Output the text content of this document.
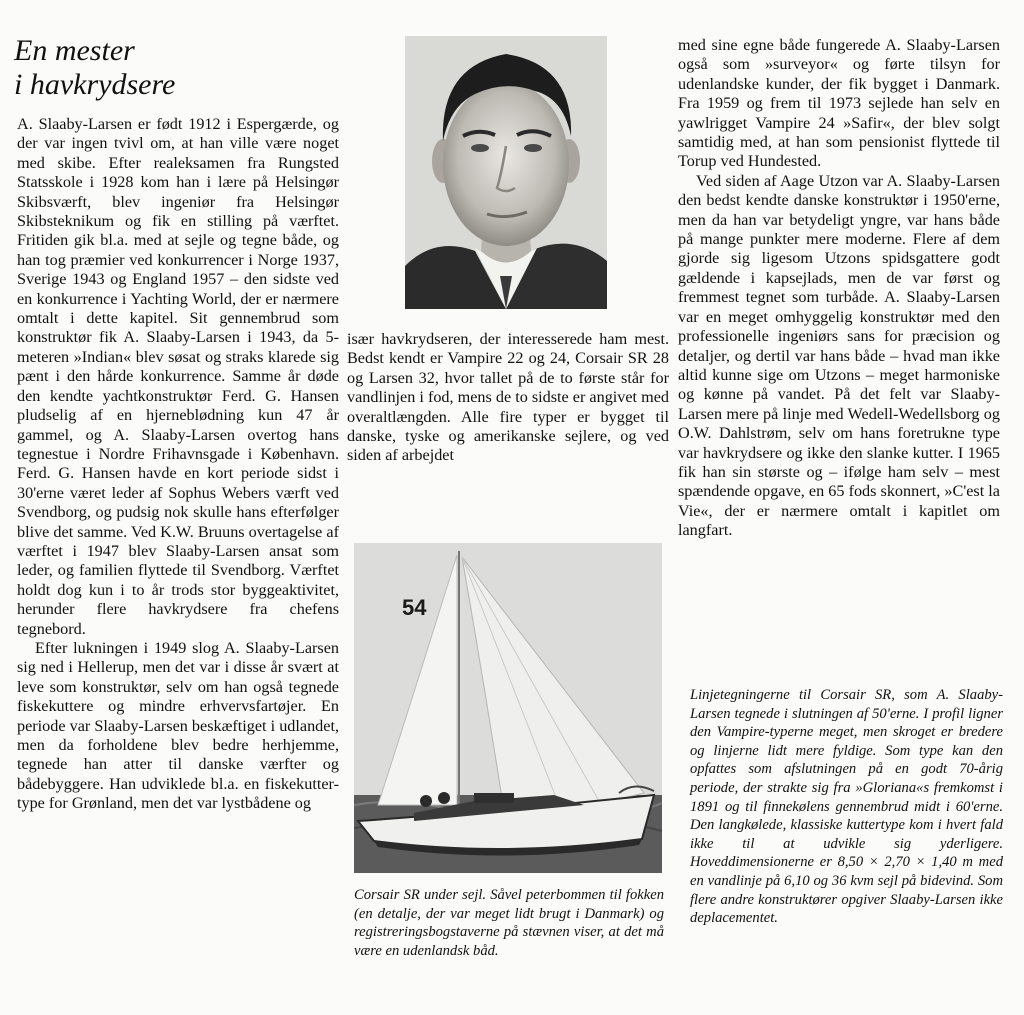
En mester
i havkrydsere

A. Slaaby-Larsen er født 1912 i Espergærde, og der var ingen tvivl om, at han ville være noget med skibe. Efter realeksamen fra Rungsted Statsskole i 1928 kom han i lære på Helsingør Skibsværft, blev ingeniør fra Helsingør Skibsteknikum og fik en stilling på værftet. Fritiden gik bl.a. med at sejle og tegne både, og han tog præmier ved konkurrencer i Norge 1937, Sverige 1943 og England 1957 – den sidste ved en konkurrence i Yachting World, der er nærmere omtalt i dette kapitel. Sit gennembrud som konstruktør fik A. Slaaby-Larsen i 1943, da 5-meteren »Indian« blev søsat og straks klarede sig pænt i den hårde konkurrence. Samme år døde den kendte yachtkonstruktør Ferd. G. Hansen pludselig af en hjerneblødning kun 47 år gammel, og A. Slaaby-Larsen overtog hans tegnestue i Nordre Frihavnsgade i København. Ferd. G. Hansen havde en kort periode sidst i 30'erne været leder af Sophus Webers værft ved Svendborg, og pudsig nok skulle hans efterfølger blive det samme. Ved K.W. Bruuns overtagelse af værftet i 1947 blev Slaaby-Larsen ansat som leder, og familien flyttede til Svendborg. Værftet holdt dog kun i to år trods stor byggeaktivitet, herunder flere havkrydsere fra chefens tegnebord.

Efter lukningen i 1949 slog A. Slaaby-Larsen sig ned i Hellerup, men det var i disse år svært at leve som konstruktør, selv om han også tegnede fiskekuttere og mindre erhvervsfartøjer. En periode var Slaaby-Larsen beskæftiget i udlandet, men da forholdene blev bedre herhjemme, tegnede han atter til danske værfter og bådebyggere. Han udviklede bl.a. en fiskekutter-type for Grønland, men det var lystbådene og

især havkrydseren, der interesserede ham mest. Bedst kendt er Vampire 22 og 24, Corsair SR 28 og Larsen 32, hvor tallet på de to første står for vandlinjen i fod, mens de to sidste er angivet med overaltlængden. Alle fire typer er bygget til danske, tyske og amerikanske sejlere, og ved siden af arbejdet

54
Corsair SR under sejl. Såvel peterbommen til fokken (en detalje, der var meget lidt brugt i Danmark) og registreringsbogstaverne på stævnen viser, at det må være en udenlandsk båd.

med sine egne både fungerede A. Slaaby-Larsen også som »surveyor« og førte tilsyn for udenlandske kunder, der fik bygget i Danmark. Fra 1959 og frem til 1973 sejlede han selv en yawlrigget Vampire 24 »Safir«, der blev solgt samtidig med, at han som pensionist flyttede til Torup ved Hundested.

Ved siden af Aage Utzon var A. Slaaby-Larsen den bedst kendte danske konstruktør i 1950'erne, men da han var betydeligt yngre, var hans både på mange punkter mere moderne. Flere af dem gjorde sig ligesom Utzons spidsgattere godt gældende i kapsejlads, men de var først og fremmest tegnet som turbåde. A. Slaaby-Larsen var en meget omhyggelig konstruktør med den professionelle ingeniørs sans for præcision og detaljer, og dertil var hans både – hvad man ikke altid kunne sige om Utzons – meget harmoniske og kønne på vandet. På det felt var Slaaby-Larsen mere på linje med Wedell-Wedellsborg og O.W. Dahlstrøm, selv om hans foretrukne type var havkrydsere og ikke den slanke kutter. I 1965 fik han sin største og – ifølge ham selv – mest spændende opgave, en 65 fods skonnert, »C'est la Vie«, der er nærmere omtalt i kapitlet om langfart.

Linjetegningerne til Corsair SR, som A. Slaaby-Larsen tegnede i slutningen af 50'erne. I profil ligner den Vampire-typerne meget, men skroget er bredere og linjerne lidt mere fyldige. Som type kan den opfattes som afslutningen på en godt 70-årig periode, der strakte sig fra »Gloriana«s fremkomst i 1891 og til finnekølens gennembrud midt i 60'erne. Den langkølede, klassiske kuttertype kom i hvert fald ikke til at udvikle sig yderligere. Hoveddimensionerne er 8,50 × 2,70 × 1,40 m med en vandlinje på 6,10 og 36 kvm sejl på bidevind. Som flere andre konstruktører opgiver Slaaby-Larsen ikke deplacementet.
